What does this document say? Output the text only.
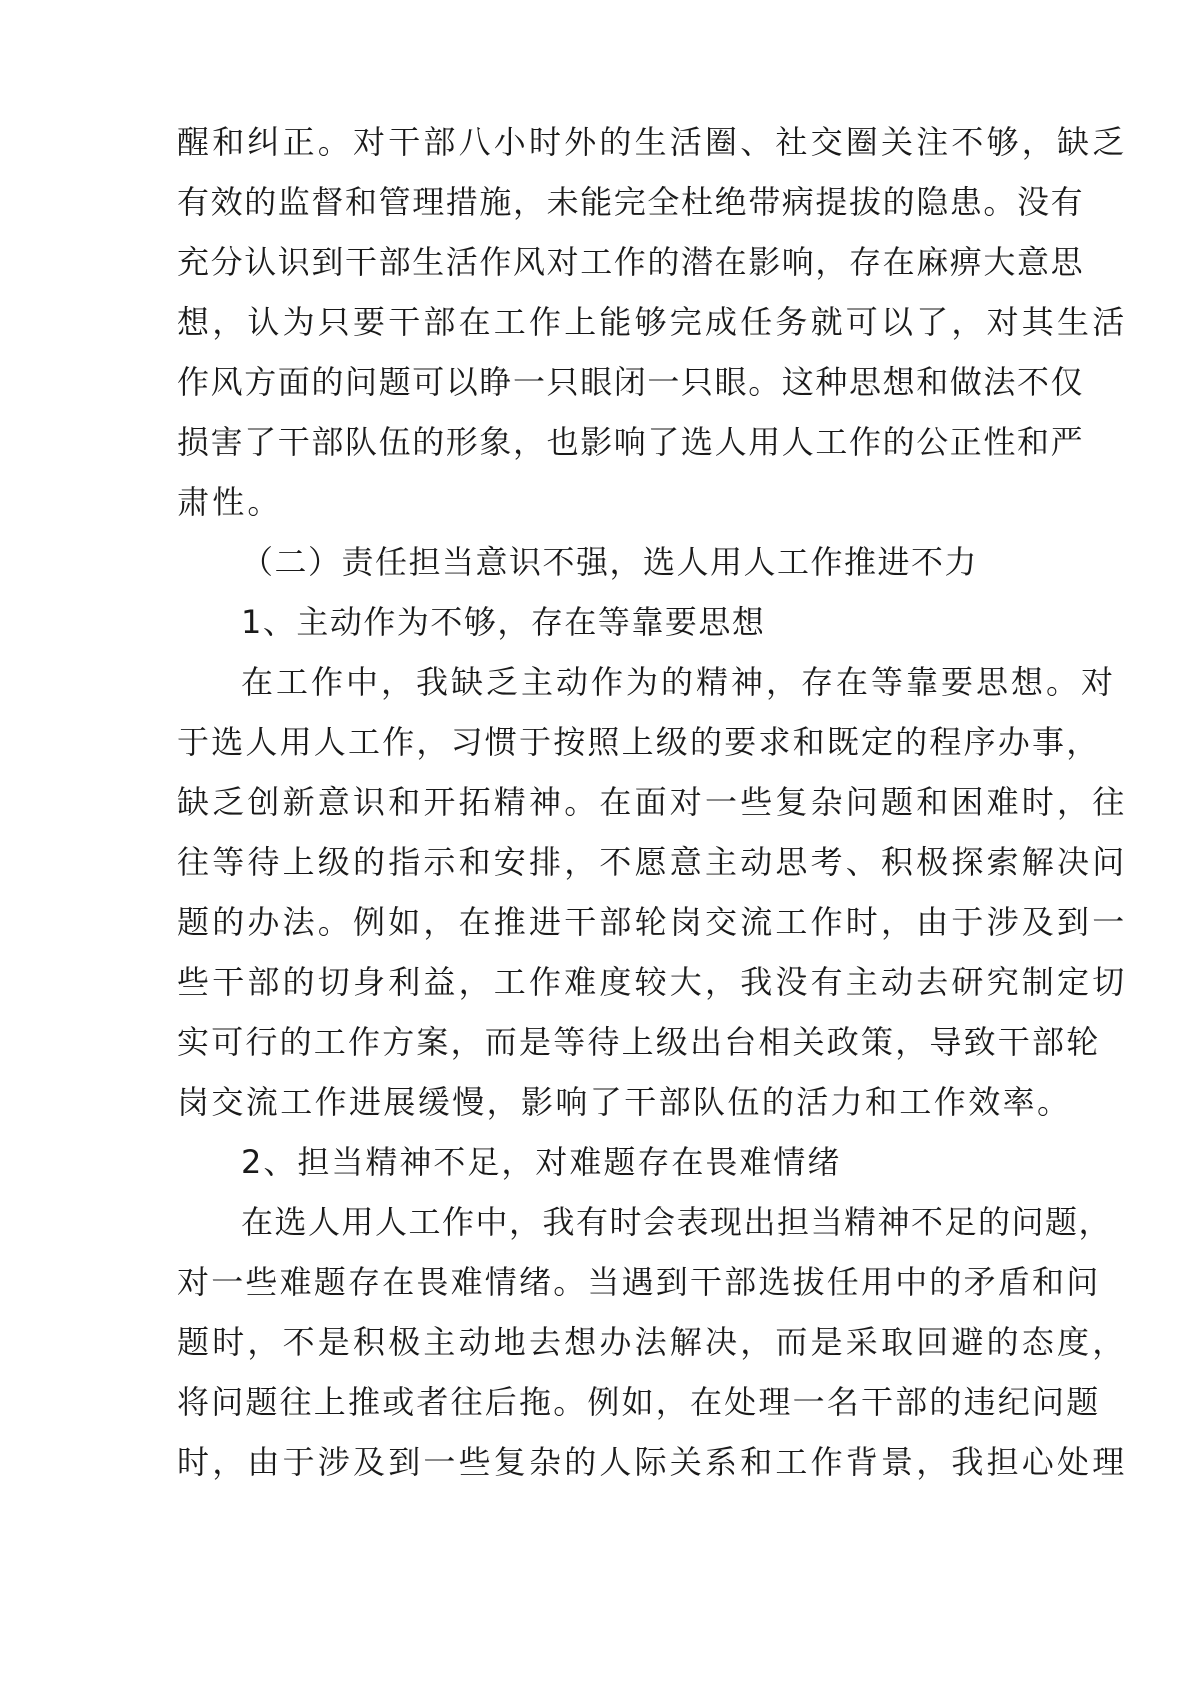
醒和纠正。对干部八小时外的生活圈、社交圈关注不够，缺乏
有效的监督和管理措施，未能完全杜绝带病提拔的隐患。没有
充分认识到干部生活作风对工作的潜在影响，存在麻痹大意思
想，认为只要干部在工作上能够完成任务就可以了，对其生活
作风方面的问题可以睁一只眼闭一只眼。这种思想和做法不仅
损害了干部队伍的形象，也影响了选人用人工作的公正性和严
肃性。
（二）责任担当意识不强，选人用人工作推进不力
1、主动作为不够，存在等靠要思想
在工作中，我缺乏主动作为的精神，存在等靠要思想。对
于选人用人工作，习惯于按照上级的要求和既定的程序办事，
缺乏创新意识和开拓精神。在面对一些复杂问题和困难时，往
往等待上级的指示和安排，不愿意主动思考、积极探索解决问
题的办法。例如，在推进干部轮岗交流工作时，由于涉及到一
些干部的切身利益，工作难度较大，我没有主动去研究制定切
实可行的工作方案，而是等待上级出台相关政策，导致干部轮
岗交流工作进展缓慢，影响了干部队伍的活力和工作效率。
2、担当精神不足，对难题存在畏难情绪
在选人用人工作中，我有时会表现出担当精神不足的问题，
对一些难题存在畏难情绪。当遇到干部选拔任用中的矛盾和问
题时，不是积极主动地去想办法解决，而是采取回避的态度，
将问题往上推或者往后拖。例如，在处理一名干部的违纪问题
时，由于涉及到一些复杂的人际关系和工作背景，我担心处理
